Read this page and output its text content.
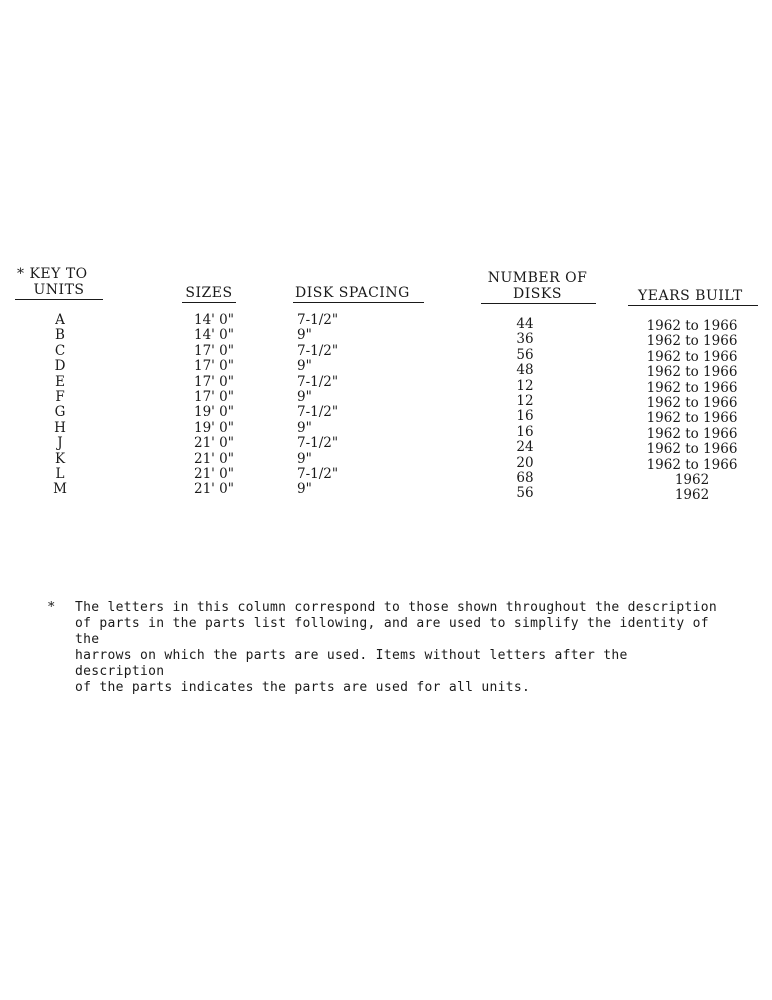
* KEY TO
UNITS	SIZES	DISK SPACING
NUMBER OF
DISKS	YEARS BUILT
A	14' 0"	7-1/2"	44	1962 to 1966
B	14' 0"	9"	36	1962 to 1966
C	17' 0"	7-1/2"	56	1962 to 1966
D	17' 0"	9"	48	1962 to 1966
E	17' 0"	7-1/2"	12	1962 to 1966
F	17' 0"	9"	12	1962 to 1966
G	19' 0"	7-1/2"	16	1962 to 1966
H	19' 0"	9"	16	1962 to 1966
J	21' 0"	7-1/2"	24	1962 to 1966
K	21' 0"	9"	20	1962 to 1966
L	21' 0"	7-1/2"	68	1962
M	21' 0"	9"	56	1962
* The letters in this column correspond to those shown throughout the description
of parts in the parts list following, and are used to simplify the identity of the
harrows on which the parts are used. Items without letters after the description
of the parts indicates the parts are used for all units.
